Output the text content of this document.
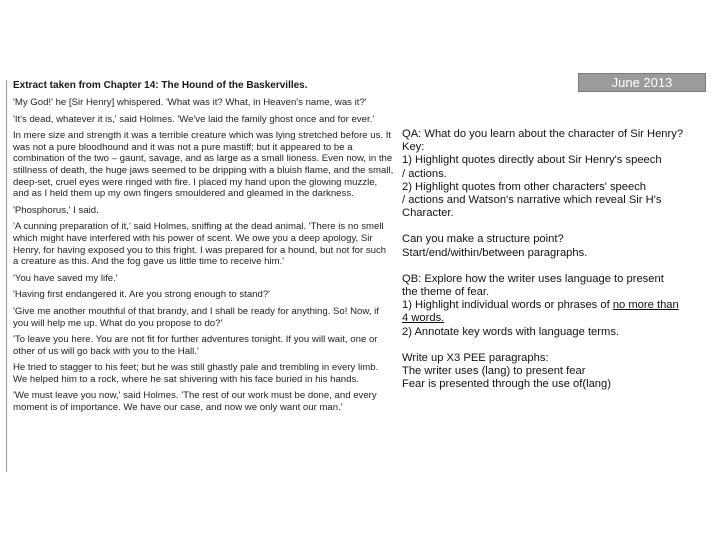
June 2013
Extract taken from Chapter 14: The Hound of the Baskervilles.

'My God!' he [Sir Henry] whispered. 'What was it? What, in Heaven's name, was it?'

'It's dead, whatever it is,' said Holmes. 'We've laid the family ghost once and for ever.'

In mere size and strength it was a terrible creature which was lying stretched before us. It was not a pure bloodhound and it was not a pure mastiff; but it appeared to be a combination of the two – gaunt, savage, and as large as a small lioness. Even now, in the stillness of death, the huge jaws seemed to be dripping with a bluish flame, and the small, deep-set, cruel eyes were ringed with fire. I placed my hand upon the glowing muzzle, and as I held them up my own fingers smouldered and gleamed in the darkness.

'Phosphorus,' I said.

'A cunning preparation of it,' said Holmes, sniffing at the dead animal. 'There is no smell which might have interfered with his power of scent. We owe you a deep apology, Sir Henry, for having exposed you to this fright. I was prepared for a hound, but not for such a creature as this. And the fog gave us little time to receive him.'

'You have saved my life.'

'Having first endangered it. Are you strong enough to stand?'

'Give me another mouthful of that brandy, and I shall be ready for anything. So! Now, if you will help me up. What do you propose to do?'

'To leave you here. You are not fit for further adventures tonight. If you will wait, one or other of us will go back with you to the Hall.'

He tried to stagger to his feet; but he was still ghastly pale and trembling in every limb. We helped him to a rock, where he sat shivering with his face buried in his hands.

'We must leave you now,' said Holmes. 'The rest of our work must be done, and every moment is of importance. We have our case, and now we only want our man.'

QA: What do you learn about the character of Sir Henry?
Key:
1) Highlight quotes directly about Sir Henry's speech
/ actions.
2) Highlight quotes from other characters' speech
/ actions and Watson's narrative which reveal Sir H's
Character.
Can you make a structure point?
Start/end/within/between paragraphs.
QB: Explore how the writer uses language to present
the theme of fear.
1) Highlight individual words or phrases of no more than
4 words.
2) Annotate key words with language terms.
Write up X3 PEE paragraphs:
The writer uses (lang) to present fear
Fear is presented through the use of(lang)
